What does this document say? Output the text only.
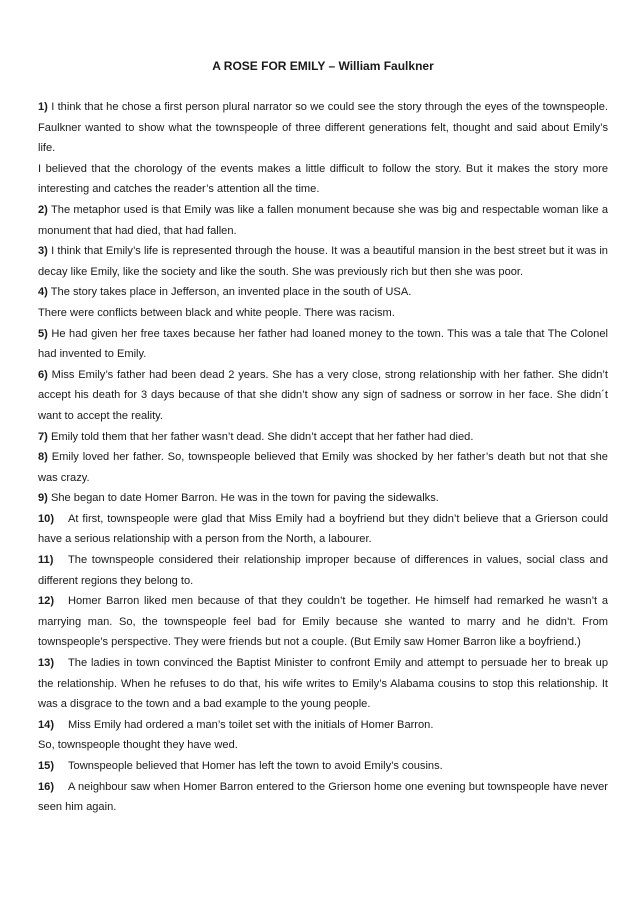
A ROSE FOR EMILY – William Faulkner

1) I think that he chose a first person plural narrator so we could see the story through the eyes of the townspeople. Faulkner wanted to show what the townspeople of three different generations felt, thought and said about Emily’s life.

I believed that the chorology of the events makes a little difficult to follow the story. But it makes the story more interesting and catches the reader’s attention all the time.

2) The metaphor used is that Emily was like a fallen monument because she was big and respectable woman like a monument that had died, that had fallen.

3) I think that Emily’s life is represented through the house. It was a beautiful mansion in the best street but it was in decay like Emily, like the society and like the south. She was previously rich but then she was poor.

4) The story takes place in Jefferson, an invented place in the south of USA.

There were conflicts between black and white people. There was racism.

5) He had given her free taxes because her father had loaned money to the town. This was a tale that The Colonel had invented to Emily.

6) Miss Emily’s father had been dead 2 years. She has a very close, strong relationship with her father. She didn’t accept his death for 3 days because of that she didn’t show any sign of sadness or sorrow in her face. She didn´t want to accept the reality.

7) Emily told them that her father wasn’t dead. She didn’t accept that her father had died.

8) Emily loved her father. So, townspeople believed that Emily was shocked by her father’s death but not that she was crazy.

9) She began to date Homer Barron. He was in the town for paving the sidewalks.

10) At first, townspeople were glad that Miss Emily had a boyfriend but they didn’t believe that a Grierson could have a serious relationship with a person from the North, a labourer.

11) The townspeople considered their relationship improper because of differences in values, social class and different regions they belong to.

12) Homer Barron liked men because of that they couldn’t be together. He himself had remarked he wasn’t a marrying man. So, the townspeople feel bad for Emily because she wanted to marry and he didn’t. From townspeople’s perspective. They were friends but not a couple. (But Emily saw Homer Barron like a boyfriend.)

13) The ladies in town convinced the Baptist Minister to confront Emily and attempt to persuade her to break up the relationship. When he refuses to do that, his wife writes to Emily’s Alabama cousins to stop this relationship. It was a disgrace to the town and a bad example to the young people.

14) Miss Emily had ordered a man’s toilet set with the initials of Homer Barron.

So, townspeople thought they have wed.

15) Townspeople believed that Homer has left the town to avoid Emily’s cousins.

16) A neighbour saw when Homer Barron entered to the Grierson home one evening but townspeople have never seen him again.
